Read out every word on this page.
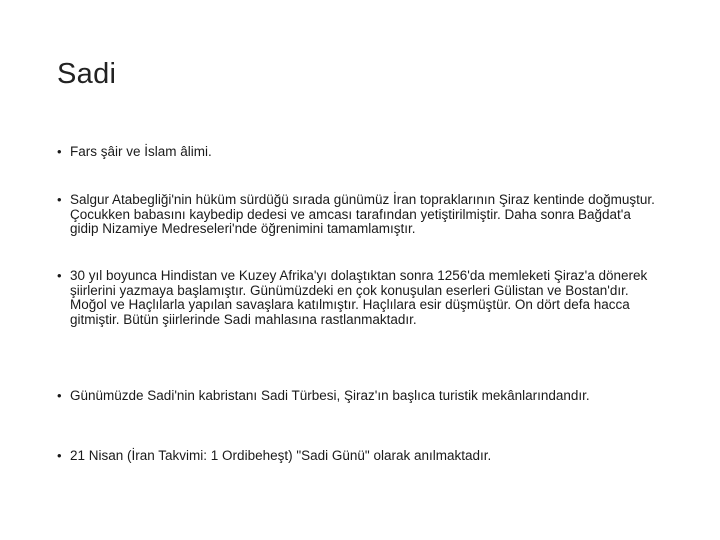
Sadi
• Fars şâir ve İslam âlimi.
• Salgur Atabegliği'nin hüküm sürdüğü sırada günümüz İran topraklarının Şiraz kentinde doğmuştur. Çocukken babasını kaybedip dedesi ve amcası tarafından yetiştirilmiştir. Daha sonra Bağdat'a gidip Nizamiye Medreseleri'nde öğrenimini tamamlamıştır.
• 30 yıl boyunca Hindistan ve Kuzey Afrika'yı dolaştıktan sonra 1256'da memleketi Şiraz'a dönerek şiirlerini yazmaya başlamıştır. Günümüzdeki en çok konuşulan eserleri Gülistan ve Bostan'dır. Moğol ve Haçlılarla yapılan savaşlara katılmıştır. Haçlılara esir düşmüştür. On dört defa hacca gitmiştir. Bütün şiirlerinde Sadi mahlasına rastlanmaktadır.
• Günümüzde Sadi'nin kabristanı Sadi Türbesi, Şiraz'ın başlıca turistik mekânlarındandır.
• 21 Nisan (İran Takvimi: 1 Ordibeheşt) "Sadi Günü" olarak anılmaktadır.
